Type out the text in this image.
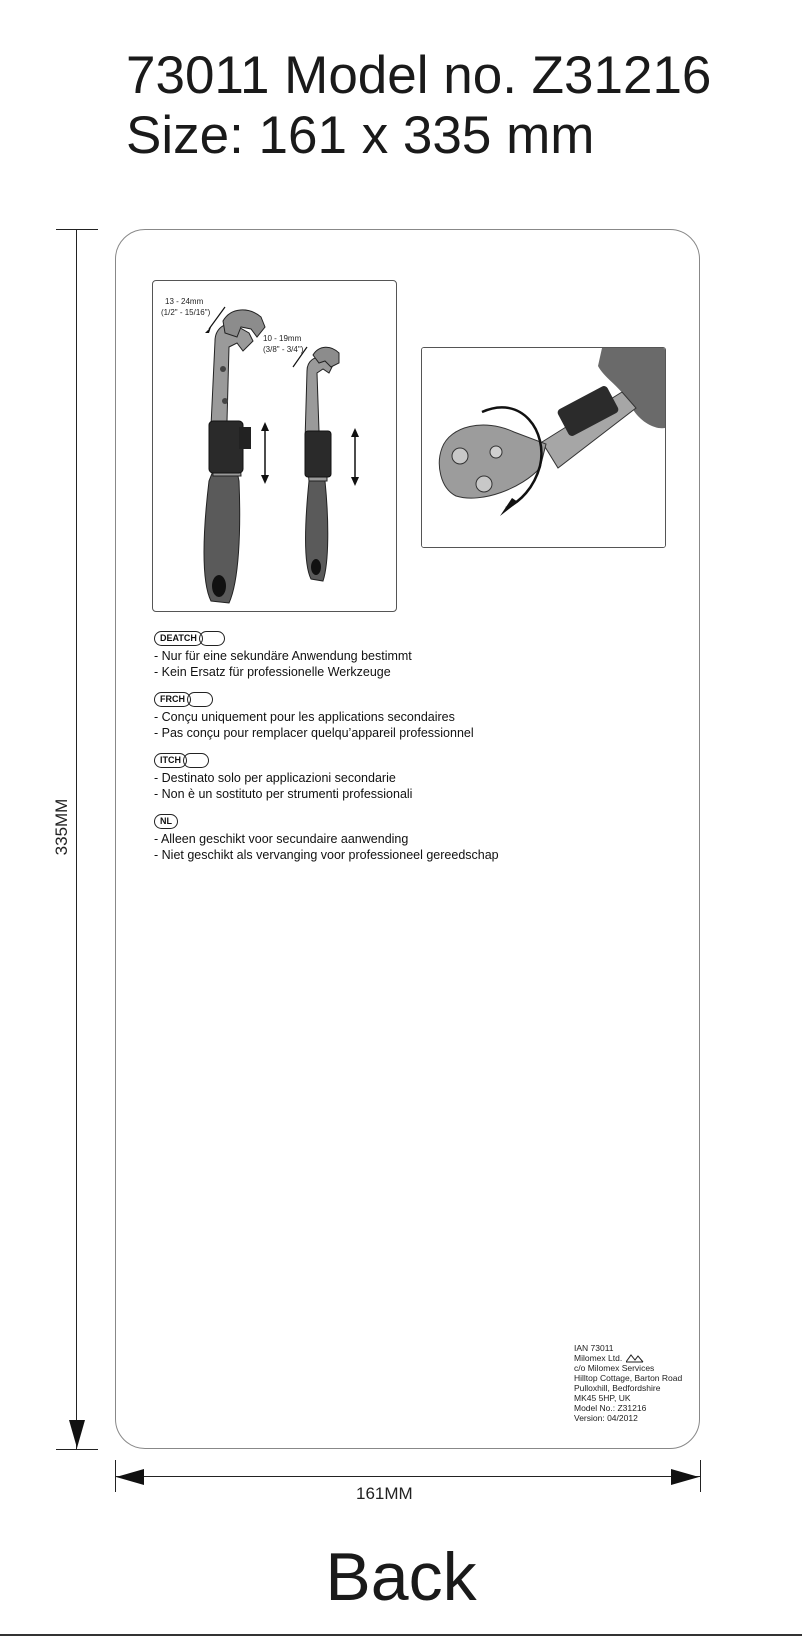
73011 Model no. Z31216
Size: 161 x 335 mm
335MM
161MM
13 - 24mm
(1/2" - 15/16")
10 - 19mm
(3/8" - 3/4")
DEATCH
- Nur für eine sekundäre Anwendung bestimmt
- Kein Ersatz für professionelle Werkzeuge
FRCH
- Conçu uniquement pour les applications secondaires
- Pas conçu pour remplacer quelqu’appareil professionnel
ITCH
- Destinato solo per applicazioni secondarie
- Non è un sostituto per strumenti professionali
NL
- Alleen geschikt voor secundaire aanwending
- Niet geschikt als vervanging voor professioneel gereedschap
IAN 73011
Milomex Ltd.
c/o Milomex Services
Hilltop Cottage, Barton Road
Pulloxhill, Bedfordshire
MK45 5HP, UK
Model No.: Z31216
Version: 04/2012
Back
